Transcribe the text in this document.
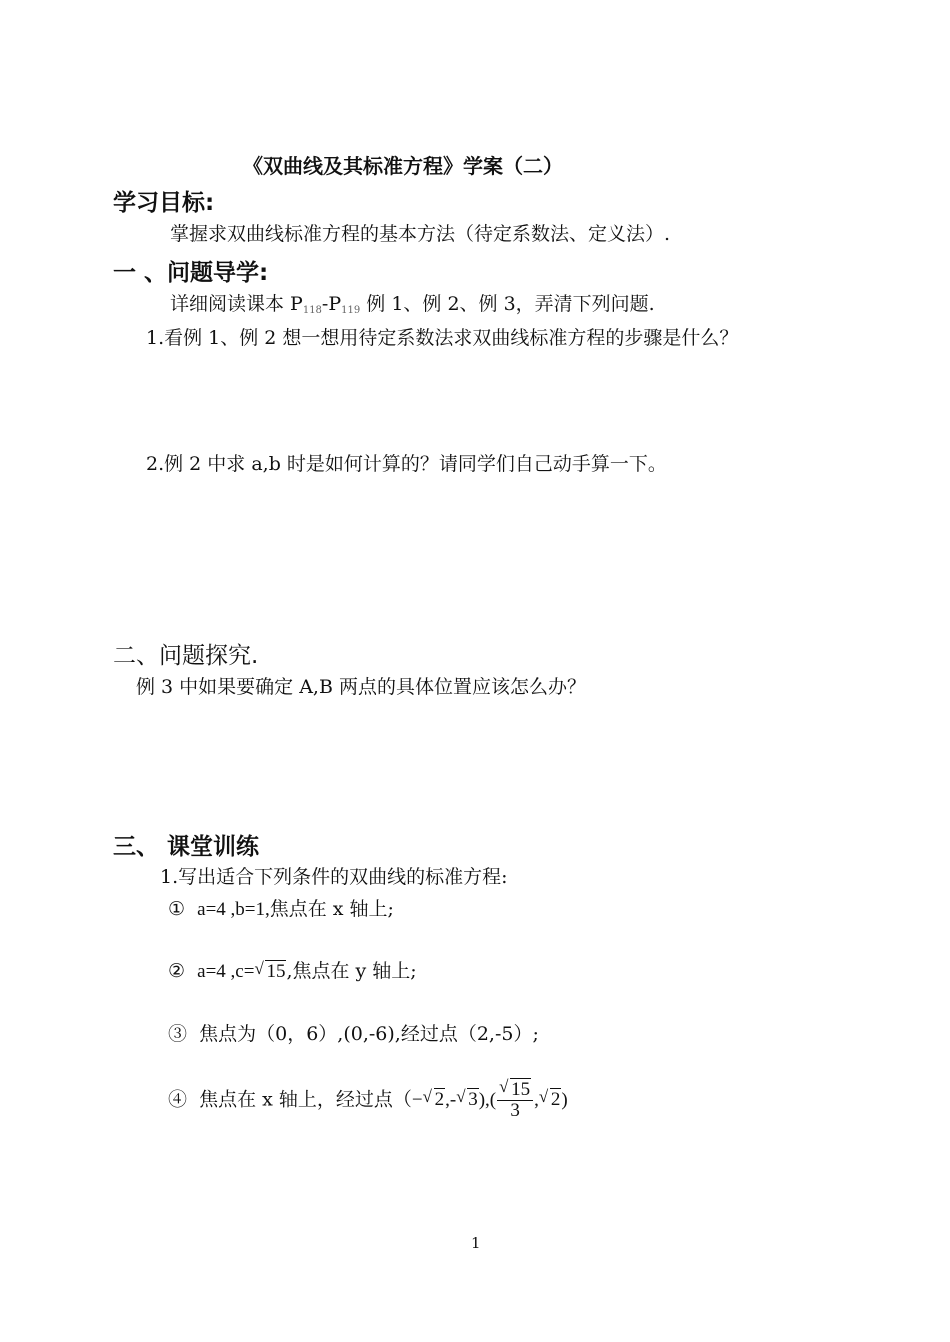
《双曲线及其标准方程》学案（二）
学习目标:
掌握求双曲线标准方程的基本方法（待定系数法、定义法）.
一 、问题导学:
详细阅读课本 $P_{118}-P_{119}$ 例 1、例 2、例 3，弄清下列问题.
1.看例 1、例 2 想一想用待定系数法求双曲线标准方程的步骤是什么？
2.例 2 中求 a,b 时是如何计算的？请同学们自己动手算一下。
二、问题探究.
例 3 中如果要确定 A,B 两点的具体位置应该怎么办？
三、 课堂训练
1.写出适合下列条件的双曲线的标准方程:
① a=4 ,b=1,焦点在 x 轴上;
② a=4 ,c= √ 15,焦点在 y 轴上;
③ 焦点为（0，6）,(0,-6),经过点（2,-5）;
④ 焦点在 x 轴上，经过点（− √ 2,- √ 3),( √ $\frac{15}{3}$ , √ 2)
1
